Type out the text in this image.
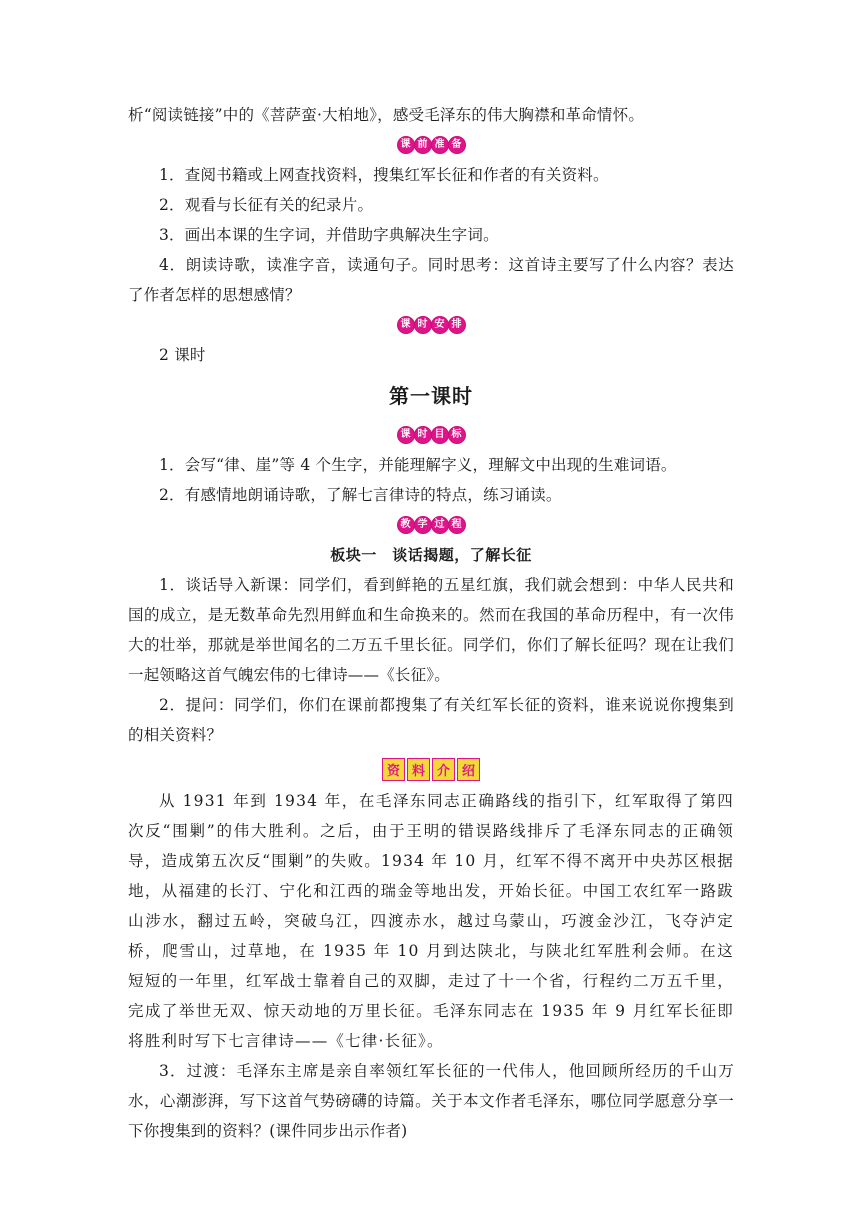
析“阅读链接”中的《菩萨蛮·大柏地》，感受毛泽东的伟大胸襟和革命情怀。

课 前 准 备

1．查阅书籍或上网查找资料，搜集红军长征和作者的有关资料。

2．观看与长征有关的纪录片。

3．画出本课的生字词，并借助字典解决生字词。

4．朗读诗歌，读准字音，读通句子。同时思考：这首诗主要写了什么内容？表达了作者怎样的思想感情？

课 时 安 排

2 课时

第一课时
课 时 目 标

1．会写“律、崖”等 4 个生字，并能理解字义，理解文中出现的生难词语。

2．有感情地朗诵诗歌，了解七言律诗的特点，练习诵读。

教 学 过 程
板块一　谈话揭题，了解长征

1．谈话导入新课：同学们，看到鲜艳的五星红旗，我们就会想到：中华人民共和国的成立，是无数革命先烈用鲜血和生命换来的。然而在我国的革命历程中，有一次伟大的壮举，那就是举世闻名的二万五千里长征。同学们，你们了解长征吗？现在让我们一起领略这首气魄宏伟的七律诗——《长征》。

2．提问：同学们，你们在课前都搜集了有关红军长征的资料，谁来说说你搜集到的相关资料？

资 料 介 绍

从 1931 年到 1934 年，在毛泽东同志正确路线的指引下，红军取得了第四次反“围剿”的伟大胜利。之后，由于王明的错误路线排斥了毛泽东同志的正确领导，造成第五次反“围剿”的失败。1934 年 10 月，红军不得不离开中央苏区根据地，从福建的长汀、宁化和江西的瑞金等地出发，开始长征。中国工农红军一路跋山涉水，翻过五岭，突破乌江，四渡赤水，越过乌蒙山，巧渡金沙江，飞夺泸定桥，爬雪山，过草地，在 1935 年 10 月到达陕北，与陕北红军胜利会师。在这短短的一年里，红军战士靠着自己的双脚，走过了十一个省，行程约二万五千里，完成了举世无双、惊天动地的万里长征。毛泽东同志在 1935 年 9 月红军长征即将胜利时写下七言律诗——《七律·长征》。

3．过渡：毛泽东主席是亲自率领红军长征的一代伟人，他回顾所经历的千山万水，心潮澎湃，写下这首气势磅礴的诗篇。关于本文作者毛泽东，哪位同学愿意分享一下你搜集到的资料？(课件同步出示作者)
